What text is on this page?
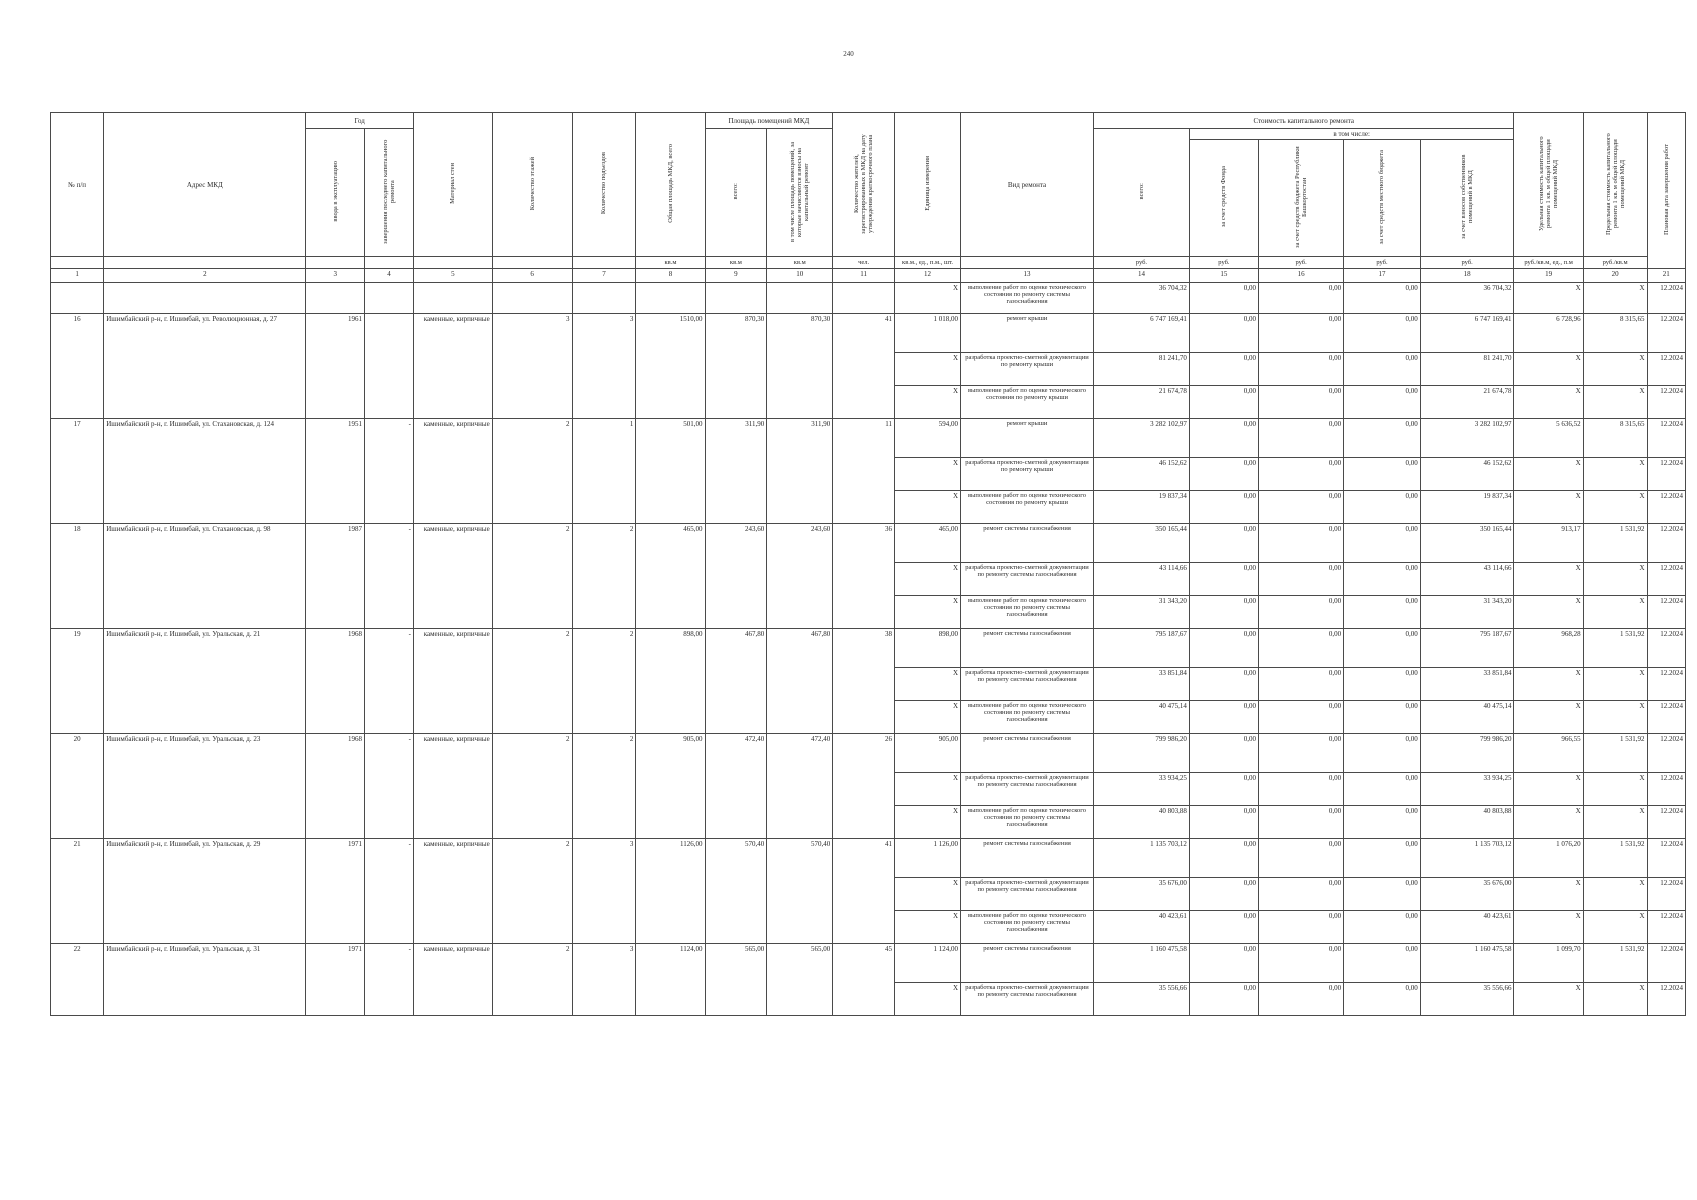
240
№ п/п	Адрес МКД	Год		Материал стен	Количество этажей	Количество подъездов	Общая площадь МКД, всего	Площадь помещений МКД		Количество жителей, зарегистрированных в МКД на дату утверждения краткосрочного плана	Единица измерения	Вид ремонта	Стоимость капитального ремонта					Удельная стоимость капитального ремонта 1 кв. м общей площади помещений МКД	Предельная стоимость капитального ремонта 1 кв. м общей площади помещений МКД	Плановая дата завершения работ
		ввода в эксплуатацию	завершения последнего капитального ремонта					всего:	в том числе площадь помещений, за которые начисляются взносы на капитальный ремонт				всего:	в том числе:						
														за счет средств Фонда	за счет средств бюджета Республики Башкортостан	за счет средств местного бюджета	за счет взносов собственников помещений в МКД			
							кв.м	кв.м	кв.м	чел.	кв.м., ед., п.м., шт.		руб.	руб.	руб.	руб.	руб.	руб./кв.м, ед., п.м	руб./кв.м	
1	2	3	4	5	6	7	8	9	10	11	12	13	14	15	16	17	18	19	20	21
											X	выполнение работ по оценке технического состояния по ремонту системы газоснабжения	36 704,32	0,00	0,00	0,00	36 704,32	X	X	12.2024
16	Ишимбайский р-н, г. Ишимбай, ул. Революционная, д. 27	1961		каменные, кирпичные	3	3	1510,00	870,30	870,30	41	1 018,00	ремонт крыши	6 747 169,41	0,00	0,00	0,00	6 747 169,41	6 728,96	8 315,65	12.2024
											X	разработка проектно-сметной документации по ремонту крыши	81 241,70	0,00	0,00	0,00	81 241,70	X	X	12.2024
											X	выполнение работ по оценке технического состояния по ремонту крыши	21 674,78	0,00	0,00	0,00	21 674,78	X	X	12.2024
17	Ишимбайский р-н, г. Ишимбай, ул. Стахановская, д. 124	1951	-	каменные, кирпичные	2	1	501,00	311,90	311,90	11	594,00	ремонт крыши	3 282 102,97	0,00	0,00	0,00	3 282 102,97	5 636,52	8 315,65	12.2024
											X	разработка проектно-сметной документации по ремонту крыши	46 152,62	0,00	0,00	0,00	46 152,62	X	X	12.2024
											X	выполнение работ по оценке технического состояния по ремонту крыши	19 837,34	0,00	0,00	0,00	19 837,34	X	X	12.2024
18	Ишимбайский р-н, г. Ишимбай, ул. Стахановская, д. 98	1987	-	каменные, кирпичные	2	2	465,00	243,60	243,60	36	465,00	ремонт системы газоснабжения	350 165,44	0,00	0,00	0,00	350 165,44	913,17	1 531,92	12.2024
											X	разработка проектно-сметной документации по ремонту системы газоснабжения	43 114,66	0,00	0,00	0,00	43 114,66	X	X	12.2024
											X	выполнение работ по оценке технического состояния по ремонту системы газоснабжения	31 343,20	0,00	0,00	0,00	31 343,20	X	X	12.2024
19	Ишимбайский р-н, г. Ишимбай, ул. Уральская, д. 21	1968	-	каменные, кирпичные	2	2	898,00	467,80	467,80	38	898,00	ремонт системы газоснабжения	795 187,67	0,00	0,00	0,00	795 187,67	968,28	1 531,92	12.2024
											X	разработка проектно-сметной документации по ремонту системы газоснабжения	33 851,84	0,00	0,00	0,00	33 851,84	X	X	12.2024
											X	выполнение работ по оценке технического состояния по ремонту системы газоснабжения	40 475,14	0,00	0,00	0,00	40 475,14	X	X	12.2024
20	Ишимбайский р-н, г. Ишимбай, ул. Уральская, д. 23	1968	-	каменные, кирпичные	2	2	905,00	472,40	472,40	26	905,00	ремонт системы газоснабжения	799 986,20	0,00	0,00	0,00	799 986,20	966,55	1 531,92	12.2024
											X	разработка проектно-сметной документации по ремонту системы газоснабжения	33 934,25	0,00	0,00	0,00	33 934,25	X	X	12.2024
											X	выполнение работ по оценке технического состояния по ремонту системы газоснабжения	40 803,88	0,00	0,00	0,00	40 803,88	X	X	12.2024
21	Ишимбайский р-н, г. Ишимбай, ул. Уральская, д. 29	1971	-	каменные, кирпичные	2	3	1126,00	570,40	570,40	41	1 126,00	ремонт системы газоснабжения	1 135 703,12	0,00	0,00	0,00	1 135 703,12	1 076,20	1 531,92	12.2024
											X	разработка проектно-сметной документации по ремонту системы газоснабжения	35 676,00	0,00	0,00	0,00	35 676,00	X	X	12.2024
											X	выполнение работ по оценке технического состояния по ремонту системы газоснабжения	40 423,61	0,00	0,00	0,00	40 423,61	X	X	12.2024
22	Ишимбайский р-н, г. Ишимбай, ул. Уральская, д. 31	1971	-	каменные, кирпичные	2	3	1124,00	565,00	565,00	45	1 124,00	ремонт системы газоснабжения	1 160 475,58	0,00	0,00	0,00	1 160 475,58	1 099,70	1 531,92	12.2024
											X	разработка проектно-сметной документации по ремонту системы газоснабжения	35 556,66	0,00	0,00	0,00	35 556,66	X	X	12.2024
